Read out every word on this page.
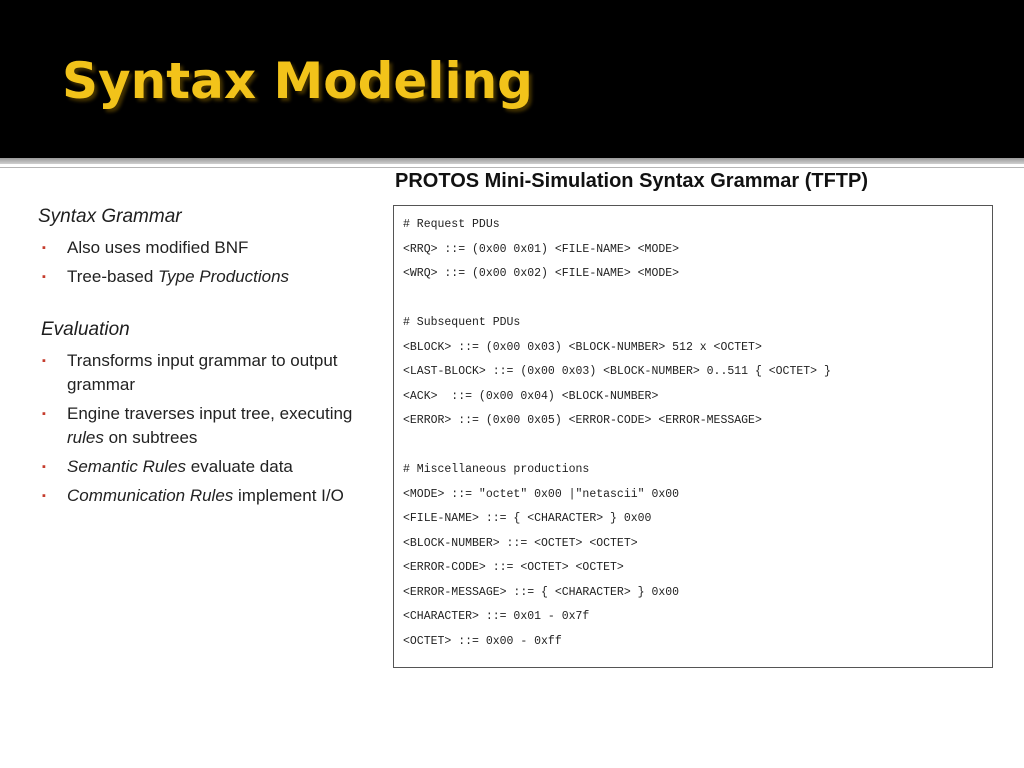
Syntax Modeling
Syntax Grammar
▪ Also uses modified BNF
▪ Tree-based Type Productions
Evaluation
▪ Transforms input grammar to output grammar
▪ Engine traverses input tree, executing rules on subtrees
▪ Semantic Rules evaluate data
▪ Communication Rules implement I/O
PROTOS Mini-Simulation Syntax Grammar (TFTP)
# Request PDUs
<RRQ> ::= (0x00 0x01) <FILE-NAME> <MODE>
<WRQ> ::= (0x00 0x02) <FILE-NAME> <MODE>
# Subsequent PDUs
<BLOCK> ::= (0x00 0x03) <BLOCK-NUMBER> 512 x <OCTET>
<LAST-BLOCK> ::= (0x00 0x03) <BLOCK-NUMBER> 0..511 { <OCTET> }
<ACK>  ::= (0x00 0x04) <BLOCK-NUMBER>
<ERROR> ::= (0x00 0x05) <ERROR-CODE> <ERROR-MESSAGE>
# Miscellaneous productions
<MODE> ::= "octet" 0x00 |"netascii" 0x00
<FILE-NAME> ::= { <CHARACTER> } 0x00
<BLOCK-NUMBER> ::= <OCTET> <OCTET>
<ERROR-CODE> ::= <OCTET> <OCTET>
<ERROR-MESSAGE> ::= { <CHARACTER> } 0x00
<CHARACTER> ::= 0x01 - 0x7f
<OCTET> ::= 0x00 - 0xff
